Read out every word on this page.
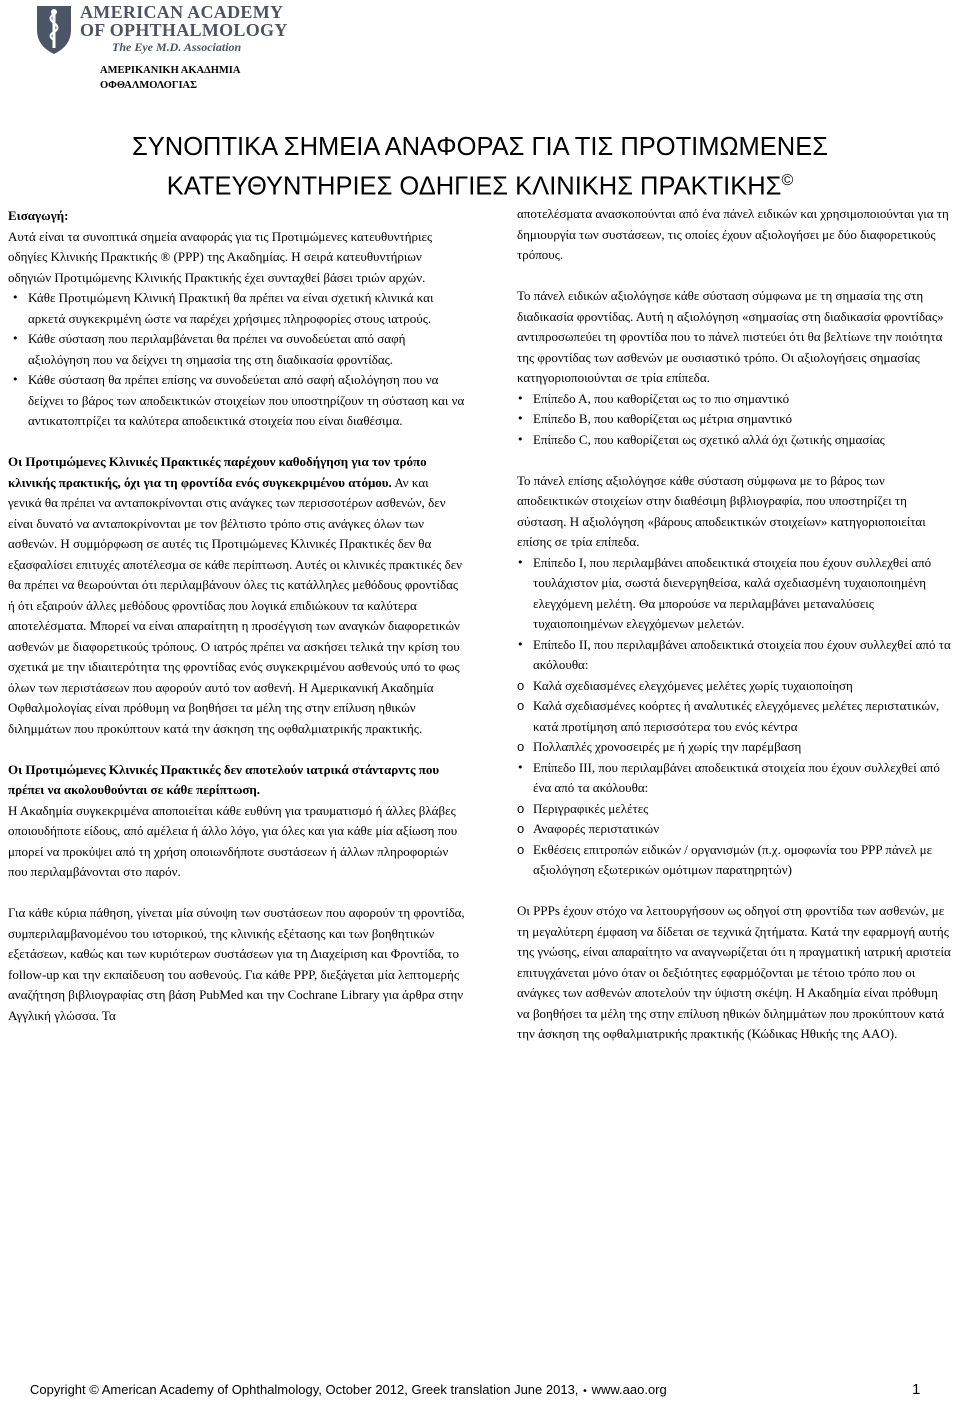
AMERICAN ACADEMY
OF OPHTHALMOLOGY
The Eye M.D. Association
ΑΜΕΡΙΚΑΝΙΚΗ ΑΚΑΔΗΜΙΑ
ΟΦΘΑΛΜΟΛΟΓΙΑΣ
ΣΥΝΟΠΤΙΚΑ ΣΗΜΕΙΑ ΑΝΑΦΟΡΑΣ ΓΙΑ ΤΙΣ ΠΡΟΤΙΜΩΜΕΝΕΣ
ΚΑΤΕΥΘΥΝΤΗΡΙΕΣ ΟΔΗΓΙΕΣ ΚΛΙΝΙΚΗΣ ΠΡΑΚΤΙΚΗΣ©

Εισαγωγή:

Αυτά είναι τα συνοπτικά σημεία αναφοράς για τις Προτιμώμενες κατευθυντήριες οδηγίες Κλινικής Πρακτικής ® (PPP) της Ακαδημίας. Η σειρά κατευθυντήριων οδηγιών Προτιμώμενης Κλινικής Πρακτικής έχει συνταχθεί βάσει τριών αρχών.

• Κάθε Προτιμώμενη Κλινική Πρακτική θα πρέπει να είναι σχετική κλινικά και αρκετά συγκεκριμένη ώστε να παρέχει χρήσιμες πληροφορίες στους ιατρούς.
• Κάθε σύσταση που περιλαμβάνεται θα πρέπει να συνοδεύεται από σαφή αξιολόγηση που να δείχνει τη σημασία της στη διαδικασία φροντίδας.
• Κάθε σύσταση θα πρέπει επίσης να συνοδεύεται από σαφή αξιολόγηση που να δείχνει το βάρος των αποδεικτικών στοιχείων που υποστηρίζουν τη σύσταση και να αντικατοπτρίζει τα καλύτερα αποδεικτικά στοιχεία που είναι διαθέσιμα.

Οι Προτιμώμενες Κλινικές Πρακτικές παρέχουν καθοδήγηση για τον τρόπο κλινικής πρακτικής, όχι για τη φροντίδα ενός συγκεκριμένου ατόμου. Αν και γενικά θα πρέπει να ανταποκρίνονται στις ανάγκες των περισσοτέρων ασθενών, δεν είναι δυνατό να ανταποκρίνονται με τον βέλτιστο τρόπο στις ανάγκες όλων των ασθενών. Η συμμόρφωση σε αυτές τις Προτιμώμενες Κλινικές Πρακτικές δεν θα εξασφαλίσει επιτυχές αποτέλεσμα σε κάθε περίπτωση. Αυτές οι κλινικές πρακτικές δεν θα πρέπει να θεωρούνται ότι περιλαμβάνουν όλες τις κατάλληλες μεθόδους φροντίδας ή ότι εξαιρούν άλλες μεθόδους φροντίδας που λογικά επιδιώκουν τα καλύτερα αποτελέσματα. Μπορεί να είναι απαραίτητη η προσέγγιση των αναγκών διαφορετικών ασθενών με διαφορετικούς τρόπους. Ο ιατρός πρέπει να ασκήσει τελικά την κρίση του σχετικά με την ιδιαιτερότητα της φροντίδας ενός συγκεκριμένου ασθενούς υπό το φως όλων των περιστάσεων που αφορούν αυτό τον ασθενή. Η Αμερικανική Ακαδημία Οφθαλμολογίας είναι πρόθυμη να βοηθήσει τα μέλη της στην επίλυση ηθικών διλημμάτων που προκύπτουν κατά την άσκηση της οφθαλμιατρικής πρακτικής.

Οι Προτιμώμενες Κλινικές Πρακτικές δεν αποτελούν ιατρικά στάνταρντς που πρέπει να ακολουθούνται σε κάθε περίπτωση.

Η Ακαδημία συγκεκριμένα αποποιείται κάθε ευθύνη για τραυματισμό ή άλλες βλάβες οποιουδήποτε είδους, από αμέλεια ή άλλο λόγο, για όλες και για κάθε μία αξίωση που μπορεί να προκύψει από τη χρήση οποιωνδήποτε συστάσεων ή άλλων πληροφοριών που περιλαμβάνονται στο παρόν.

Για κάθε κύρια πάθηση, γίνεται μία σύνοψη των συστάσεων που αφορούν τη φροντίδα, συμπεριλαμβανομένου του ιστορικού, της κλινικής εξέτασης και των βοηθητικών εξετάσεων, καθώς και των κυριότερων συστάσεων για τη Διαχείριση και Φροντίδα, το follow-up και την εκπαίδευση του ασθενούς. Για κάθε PPP, διεξάγεται μία λεπτομερής αναζήτηση βιβλιογραφίας στη βάση PubMed και την Cochrane Library για άρθρα στην Αγγλική γλώσσα. Τα

αποτελέσματα ανασκοπούνται από ένα πάνελ ειδικών και χρησιμοποιούνται για τη δημιουργία των συστάσεων, τις οποίες έχουν αξιολογήσει με δύο διαφορετικούς τρόπους.

Το πάνελ ειδικών αξιολόγησε κάθε σύσταση σύμφωνα με τη σημασία της στη διαδικασία φροντίδας. Αυτή η αξιολόγηση «σημασίας στη διαδικασία φροντίδας» αντιπροσωπεύει τη φροντίδα που το πάνελ πιστεύει ότι θα βελτίωνε την ποιότητα της φροντίδας των ασθενών με ουσιαστικό τρόπο. Οι αξιολογήσεις σημασίας κατηγοριοποιούνται σε τρία επίπεδα.

• Επίπεδο Α, που καθορίζεται ως το πιο σημαντικό
• Επίπεδο Β, που καθορίζεται ως μέτρια σημαντικό
• Επίπεδο C, που καθορίζεται ως σχετικό αλλά όχι ζωτικής σημασίας

Το πάνελ επίσης αξιολόγησε κάθε σύσταση σύμφωνα με το βάρος των αποδεικτικών στοιχείων στην διαθέσιμη βιβλιογραφία, που υποστηρίζει τη σύσταση. Η αξιολόγηση «βάρους αποδεικτικών στοιχείων» κατηγοριοποιείται επίσης σε τρία επίπεδα.

• Επίπεδο I, που περιλαμβάνει αποδεικτικά στοιχεία που έχουν συλλεχθεί από τουλάχιστον μία, σωστά διενεργηθείσα, καλά σχεδιασμένη τυχαιοποιημένη ελεγχόμενη μελέτη. Θα μπορούσε να περιλαμβάνει μεταναλύσεις τυχαιοποιημένων ελεγχόμενων μελετών.
• Επίπεδο II, που περιλαμβάνει αποδεικτικά στοιχεία που έχουν συλλεχθεί από τα ακόλουθα:
o Καλά σχεδιασμένες ελεγχόμενες μελέτες χωρίς τυχαιοποίηση
o Καλά σχεδιασμένες κοόρτες ή αναλυτικές ελεγχόμενες μελέτες περιστατικών, κατά προτίμηση από περισσότερα του ενός κέντρα
o Πολλαπλές χρονοσειρές με ή χωρίς την παρέμβαση
• Επίπεδο III, που περιλαμβάνει αποδεικτικά στοιχεία που έχουν συλλεχθεί από ένα από τα ακόλουθα:
o Περιγραφικές μελέτες
o Αναφορές περιστατικών
o Εκθέσεις επιτροπών ειδικών / οργανισμών (π.χ. ομοφωνία του PPP πάνελ με αξιολόγηση εξωτερικών ομότιμων παρατηρητών)

Οι PPPs έχουν στόχο να λειτουργήσουν ως οδηγοί στη φροντίδα των ασθενών, με τη μεγαλύτερη έμφαση να δίδεται σε τεχνικά ζητήματα. Κατά την εφαρμογή αυτής της γνώσης, είναι απαραίτητο να αναγνωρίζεται ότι η πραγματική ιατρική αριστεία επιτυγχάνεται μόνο όταν οι δεξιότητες εφαρμόζονται με τέτοιο τρόπο που οι ανάγκες των ασθενών αποτελούν την ύψιστη σκέψη. Η Ακαδημία είναι πρόθυμη να βοηθήσει τα μέλη της στην επίλυση ηθικών διλημμάτων που προκύπτουν κατά την άσκηση της οφθαλμιατρικής πρακτικής (Κώδικας Ηθικής της AAO).

Copyright © American Academy of Ophthalmology, October 2012, Greek translation June 2013, • www.aao.org	1
